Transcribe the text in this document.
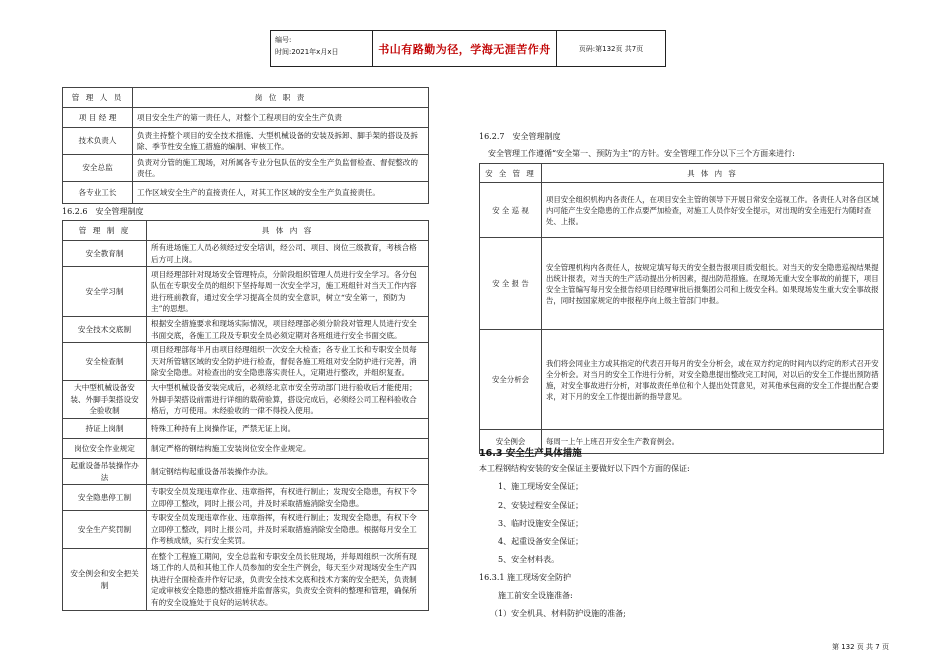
编号:
时间:2021年x月x日	书山有路勤为径，学海无涯苦作舟	页码:第132页 共7页
管 理 人 员	岗 位 职 责
项 目 经 理	项目安全生产的第一责任人，对整个工程项目的安全生产负责
技术负责人	负责主持整个项目的安全技术措施、大型机械设备的安装及拆卸、脚手架的搭设及拆除、季节性安全施工措施的编制、审核工作。
安全总监	负责对分管的施工现场，对所属各专业分包队伍的安全生产负监督检查、督促整改的责任。
各专业工长	工作区域安全生产的直接责任人，对其工作区域的安全生产负直接责任。
16.2.6　安全管理制度
管 理 制 度	具 体 内 容
安全教育制	所有进场施工人员必须经过安全培训，经公司、项目、岗位三级教育，考核合格后方可上岗。
安全学习制	项目经理部针对现场安全管理特点，分阶段组织管理人员进行安全学习。各分包队伍在专职安全员的组织下坚持每周一次安全学习，施工班组针对当天工作内容进行班前教育，通过安全学习提高全员的安全意识，树立“安全第一，预防为主”的思想。
安全技术交底制	根据安全措施要求和现场实际情况，项目经理部必须分阶段对管理人员进行安全书面交底，各施工工段及专职安全员必须定期对各班组进行安全书面交底。
安全检查制	项目经理部每半月由项目经理组织一次安全大检查；各专业工长和专职安全员每天对所管辖区域的安全防护进行检查，督促各施工班组对安全防护进行完善，消除安全隐患。对检查出的安全隐患落实责任人，定期进行整改，并组织复查。
大中型机械设备安装、外脚手架搭设安全验收制	大中型机械设备安装完成后，必须经北京市安全劳动部门进行验收后才能使用；外脚手架搭设前需进行详细的载荷验算，搭设完成后，必须经公司工程科验收合格后，方可使用。未经验收的一律不得投入使用。
持证上岗制	特殊工种持有上岗操作证，严禁无证上岗。
岗位安全作业规定	制定严格的钢结构施工安装岗位安全作业规定。
起重设备吊装操作办法	制定钢结构起重设备吊装操作办法。
安全隐患停工制	专职安全员发现违章作业、违章指挥，有权进行制止；发现安全隐患，有权下令立即停工整改，同时上报公司，并及时采取措施消除安全隐患。
安全生产奖罚制	专职安全员发现违章作业、违章指挥，有权进行制止；发现安全隐患，有权下令立即停工整改，同时上报公司，并及时采取措施消除安全隐患。根据每月安全工作考核成绩，实行安全奖罚。
安全例会和安全把关制	在整个工程施工期间，安全总监和专职安全员长驻现场，并每周组织一次所有现场工作的人员和其他工作人员参加的安全生产例会，每天至少对现场安全生产四执进行全面检查并作好记录，负责安全技术交底和技术方案的安全把关，负责制定或审核安全隐患的整改措施并监督落实，负责安全资料的整理和管理，确保所有的安全设施处于良好的运转状态。
16.2.7　安全管理制度
安全管理工作遵循“安全第一、预防为主”的方针。安全管理工作分以下三个方面来进行:
安 全 管 理	具 体 内 容
安 全 巡 视	项目安全组织机构内各责任人，在项目安全主管的领导下开展日常安全巡视工作。各责任人对各自区域内可能产生安全隐患的工作点要严加检查，对施工人员作好安全提示，对出现的安全违犯行为随时查处、上报。
安 全 报 告	安全管理机构内各责任人，按规定填写每天的安全报告报项目质安组长。对当天的安全隐患巡视结果提出统计报表，对当天的生产活动提出分析因素，提出防范措施。在现场无重大安全事故的前提下，项目安全主管编写每月安全报告经项目经理审批后报集团公司和上级安全科。如果现场发生重大安全事故报告，同时按国家规定的申报程序向上级主管部门申报。
安全分析会	我们将会同业主方或其指定的代表召开每月的安全分析会，或在双方约定的时间内以约定的形式召开安全分析会。对当月的安全工作进行分析，对安全隐患提出整改完工时间，对以后的安全工作提出预防措施，对安全事故进行分析，对事故责任单位和个人提出处罚意见，对其他承包商的安全工作提出配合要求，对下月的安全工作提出新的指导意见。
安全例会	每周一上午上班召开安全生产教育例会。
16.3 安全生产具体措施
本工程钢结构安装的安全保证主要做好以下四个方面的保证:
1、施工现场安全保证；
2、安装过程安全保证；
3、临时设施安全保证；
4、起重设备安全保证；
5、安全材料表。
16.3.1 施工现场安全防护
施工前安全设施准备:
（1）安全机具、材料防护设施的准备;
第 132 页 共 7 页
